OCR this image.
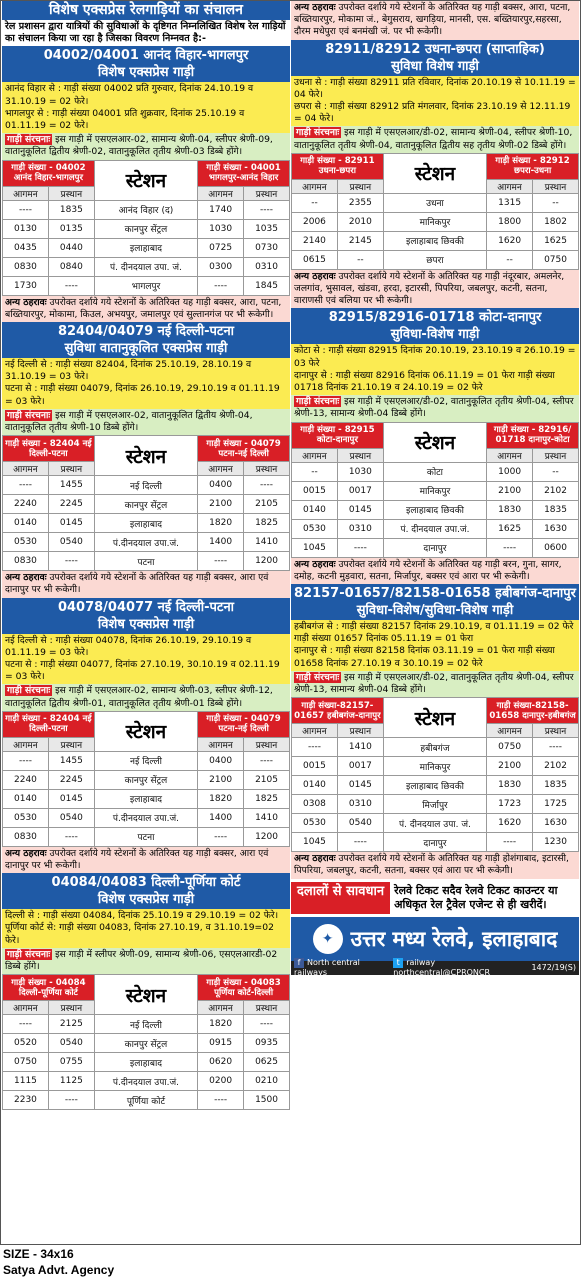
विशेष एक्सप्रेस रेलगाड़ियों का संचालन
रेल प्रशासन द्वारा यात्रियों की सुविधाओं के दृष्टिगत निम्नलिखित विशेष रेल गाड़ियों का संचालन किया जा रहा है जिसका विवरण निम्नवत है:-
04002/04001 आनंद विहार-भागलपुर
विशेष एक्सप्रेस गाड़ी
आनंद विहार से : गाड़ी संख्या 04002 प्रति गुरुवार, दिनांक 24.10.19 व 31.10.19 = 02 फेरे।
भागलपुर से : गाड़ी संख्या 04001 प्रति शुक्रवार, दिनांक 25.10.19 व 01.11.19 = 02 फेरे।
गाड़ी संरचनाः इस गाड़ी में एसएलआर-02, सामान्य श्रेणी-04, स्लीपर श्रेणी-09, वातानुकूलित द्वितीय श्रेणी-02, वातानुकूलित तृतीय श्रेणी-03 डिब्बे होंगे।
गाड़ी संख्या - 04002 आनंद विहार-भागलपुर		स्टेशन	गाड़ी संख्या - 04001 भागलपुर-आनंद विहार	
आगमन	प्रस्थान		आगमन	प्रस्थान
----	1835	आनंद विहार (द)	1740	----
0130	0135	कानपुर सेंट्रल	1030	1035
0435	0440	इलाहाबाद	0725	0730
0830	0840	पं. दीनदयाल उपा. जं.	0300	0310
1730	----	भागलपुर	----	1845
अन्य ठहरावः उपरोक्त दर्शाये गये स्टेशनों के अतिरिक्त यह गाड़ी बक्सर, आरा, पटना, बख्तियारपुर, मोकामा, किउल, अभयपुर, जमालपुर एवं सुल्तानगंज पर भी रूकेगी।
82404/04079 नई दिल्ली-पटना
सुविधा वातानुकूलित एक्सप्रेस गाड़ी
नई दिल्ली से : गाड़ी संख्या 82404, दिनांक 25.10.19, 28.10.19 व 31.10.19 = 03 फेरे।
पटना से : गाड़ी संख्या 04079, दिनांक 26.10.19, 29.10.19 व 01.11.19 = 03 फेरे।
गाड़ी संरचनाः इस गाड़ी में एसएलआर-02, वातानुकूलित द्वितीय श्रेणी-04, वातानुकूलित तृतीय श्रेणी-10 डिब्बे होंगे।
गाड़ी संख्या - 82404 नई दिल्ली-पटना		स्टेशन	गाड़ी संख्या - 04079 पटना-नई दिल्ली	
आगमन	प्रस्थान		आगमन	प्रस्थान
----	1455	नई दिल्ली	0400	----
2240	2245	कानपुर सेंट्रल	2100	2105
0140	0145	इलाहाबाद	1820	1825
0530	0540	पं.दीनदयाल उपा.जं.	1400	1410
0830	----	पटना	----	1200
अन्य ठहरावः उपरोक्त दर्शाये गये स्टेशनों के अतिरिक्त यह गाड़ी बक्सर, आरा एवं दानापुर पर भी रूकेगी।
04078/04077 नई दिल्ली-पटना
विशेष एक्सप्रेस गाड़ी
नई दिल्ली से : गाड़ी संख्या 04078, दिनांक 26.10.19, 29.10.19 व 01.11.19 = 03 फेरे।
पटना से : गाड़ी संख्या 04077, दिनांक 27.10.19, 30.10.19 व 02.11.19 = 03 फेरे।
गाड़ी संरचनाः इस गाड़ी में एसएलआर-02, सामान्य श्रेणी-03, स्लीपर श्रेणी-12, वातानुकूलित द्वितीय श्रेणी-01, वातानुकूलित तृतीय श्रेणी-01 डिब्बे होंगे।
गाड़ी संख्या - 82404 नई दिल्ली-पटना		स्टेशन	गाड़ी संख्या - 04079 पटना-नई दिल्ली	
आगमन	प्रस्थान		आगमन	प्रस्थान
----	1455	नई दिल्ली	0400	----
2240	2245	कानपुर सेंट्रल	2100	2105
0140	0145	इलाहाबाद	1820	1825
0530	0540	पं.दीनदयाल उपा.जं.	1400	1410
0830	----	पटना	----	1200
अन्य ठहरावः उपरोक्त दर्शाये गये स्टेशनों के अतिरिक्त यह गाड़ी बक्सर, आरा एवं दानापुर पर भी रूकेगी।
04084/04083 दिल्ली-पूर्णिया कोर्ट
विशेष एक्सप्रेस गाड़ी
दिल्ली से : गाड़ी संख्या 04084, दिनांक 25.10.19 व 29.10.19 = 02 फेरे।
पूर्णिया कोर्ट से: गाड़ी संख्या 04083, दिनांक 27.10.19, व 31.10.19=02 फेरे।
गाड़ी संरचनाः इस गाड़ी में स्लीपर श्रेणी-09, सामान्य श्रेणी-06, एसएलआरडी-02 डिब्बे होंगे।
गाड़ी संख्या - 04084 दिल्ली-पूर्णिया कोर्ट		स्टेशन	गाड़ी संख्या - 04083 पूर्णिया कोर्ट-दिल्ली	
आगमन	प्रस्थान		आगमन	प्रस्थान
----	2125	नई दिल्ली	1820	----
0520	0540	कानपुर सेंट्रल	0915	0935
0750	0755	इलाहाबाद	0620	0625
1115	1125	पं.दीनदयाल उपा.जं.	0200	0210
2230	----	पूर्णिया कोर्ट	----	1500
अन्य ठहरावः उपरोक्त दर्शाये गये स्टेशनों के अतिरिक्त यह गाड़ी बक्सर, आरा, पटना, बख्तियारपुर, मोकामा जं., बेगुसराय, खगड़िया, मानसी, एस. बख्तियारपुर,सहरसा, दौरम मधेपुरा एवं बनमंखी जं. पर भी रूकेगी।
82911/82912 उधना-छपरा (साप्ताहिक)
सुविधा विशेष गाड़ी
उधना से : गाड़ी संख्या 82911 प्रति रविवार, दिनांक 20.10.19 से 10.11.19 = 04 फेरे।
छपरा से : गाड़ी संख्या 82912 प्रति मंगलवार, दिनांक 23.10.19 से 12.11.19 = 04 फेरे।
गाड़ी संरचनाः इस गाड़ी में एसएलआर/डी-02, सामान्य श्रेणी-04, स्लीपर श्रेणी-10, वातानुकूलित तृतीय श्रेणी-04, वातानुकूलित द्वितीय सह तृतीय श्रेणी-02 डिब्बे होंगे।
गाड़ी संख्या - 82911 उधना-छपरा		स्टेशन	गाड़ी संख्या - 82912 छपरा-उधना	
आगमन	प्रस्थान		आगमन	प्रस्थान
--	2355	उधना	1315	--
2006	2010	मानिकपुर	1800	1802
2140	2145	इलाहाबाद छिवकी	1620	1625
0615	--	छपरा	--	0750
अन्य ठहरावः उपरोक्त दर्शाये गये स्टेशनों के अतिरिक्त यह गाड़ी नंदूरबार, अमलनेर, जलगांव, भुसावल, खंडवा, हरदा, इटारसी, पिपरिया, जबलपुर, कटनी, सतना, वाराणसी एवं बलिया पर भी रूकेगी।
82915/82916-01718 कोटा-दानापुर
सुविधा-विशेष गाड़ी
कोटा से : गाड़ी संख्या 82915 दिनांक 20.10.19, 23.10.19 व 26.10.19 = 03 फेरे
दानापुर से : गाड़ी संख्या 82916 दिनांक 06.11.19 = 01 फेरा गाड़ी संख्या 01718 दिनांक 21.10.19 व 24.10.19 = 02 फेरे
गाड़ी संरचनाः इस गाड़ी में एसएलआर/डी-02, वातानुकूलित तृतीय श्रेणी-04, स्लीपर श्रेणी-13, सामान्य श्रेणी-04 डिब्बे होंगे।
गाड़ी संख्या - 82915 कोटा-दानापुर		स्टेशन	गाड़ी संख्या - 82916/ 01718 दानापुर-कोटा	
आगमन	प्रस्थान		आगमन	प्रस्थान
--	1030	कोटा	1000	--
0015	0017	मानिकपुर	2100	2102
0140	0145	इलाहाबाद छिवकी	1830	1835
0530	0310	पं. दीनदयाल उपा.जं.	1625	1630
1045	----	दानापुर	----	0600
अन्य ठहरावः उपरोक्त दर्शाये गये स्टेशनों के अतिरिक्त यह गाड़ी बरन, गुना, सागर, दमोह, कटनी मुड़वारा, सतना, मिर्जापुर, बक्सर एवं आरा पर भी रूकेगी।
82157-01657/82158-01658 हबीबगंज-दानापुर
सुविधा-विशेष/सुविधा-विशेष गाड़ी
हबीबगंज से : गाड़ी संख्या 82157 दिनांक 29.10.19, व 01.11.19 = 02 फेरे
गाड़ी संख्या 01657 दिनांक 05.11.19 = 01 फेरा
दानापुर से : गाड़ी संख्या 82158 दिनांक 03.11.19 = 01 फेरा गाड़ी संख्या 01658 दिनांक 27.10.19 व 30.10.19 = 02 फेरे
गाड़ी संरचनाः इस गाड़ी में एसएलआर/डी-02, वातानुकूलित तृतीय श्रेणी-04, स्लीपर श्रेणी-13, सामान्य श्रेणी-04 डिब्बे होंगे।
गाड़ी संख्या-82157-01657 हबीबगंज-दानापुर		स्टेशन	गाड़ी संख्या-82158-01658 दानापुर-हबीबगंज	
आगमन	प्रस्थान		आगमन	प्रस्थान
----	1410	हबीबगंज	0750	----
0015	0017	मानिकपुर	2100	2102
0140	0145	इलाहाबाद छिवकी	1830	1835
0308	0310	मिर्जापुर	1723	1725
0530	0540	पं. दीनदयाल उपा. जं.	1620	1630
1045	----	दानापुर	----	1230
अन्य ठहरावः उपरोक्त दर्शाये गये स्टेशनों के अतिरिक्त यह गाड़ी होशंगाबाद, इटारसी, पिपरिया, जबलपुर, कटनी, सतना, बक्सर एवं आरा पर भी रूकेगी।
दलालों से सावधान रेलवे टिकट सदैव रेलवे टिकट काउन्टर या अधिकृत रेल ट्रैवेल एजेन्ट से ही खरीदें।
✦ उत्तर मध्य रेलवे, इलाहाबाद
f North central railways
t railway northcentral@CPRONCR
1472/19(S)
SIZE - 34x16
Satya Advt. Agency
